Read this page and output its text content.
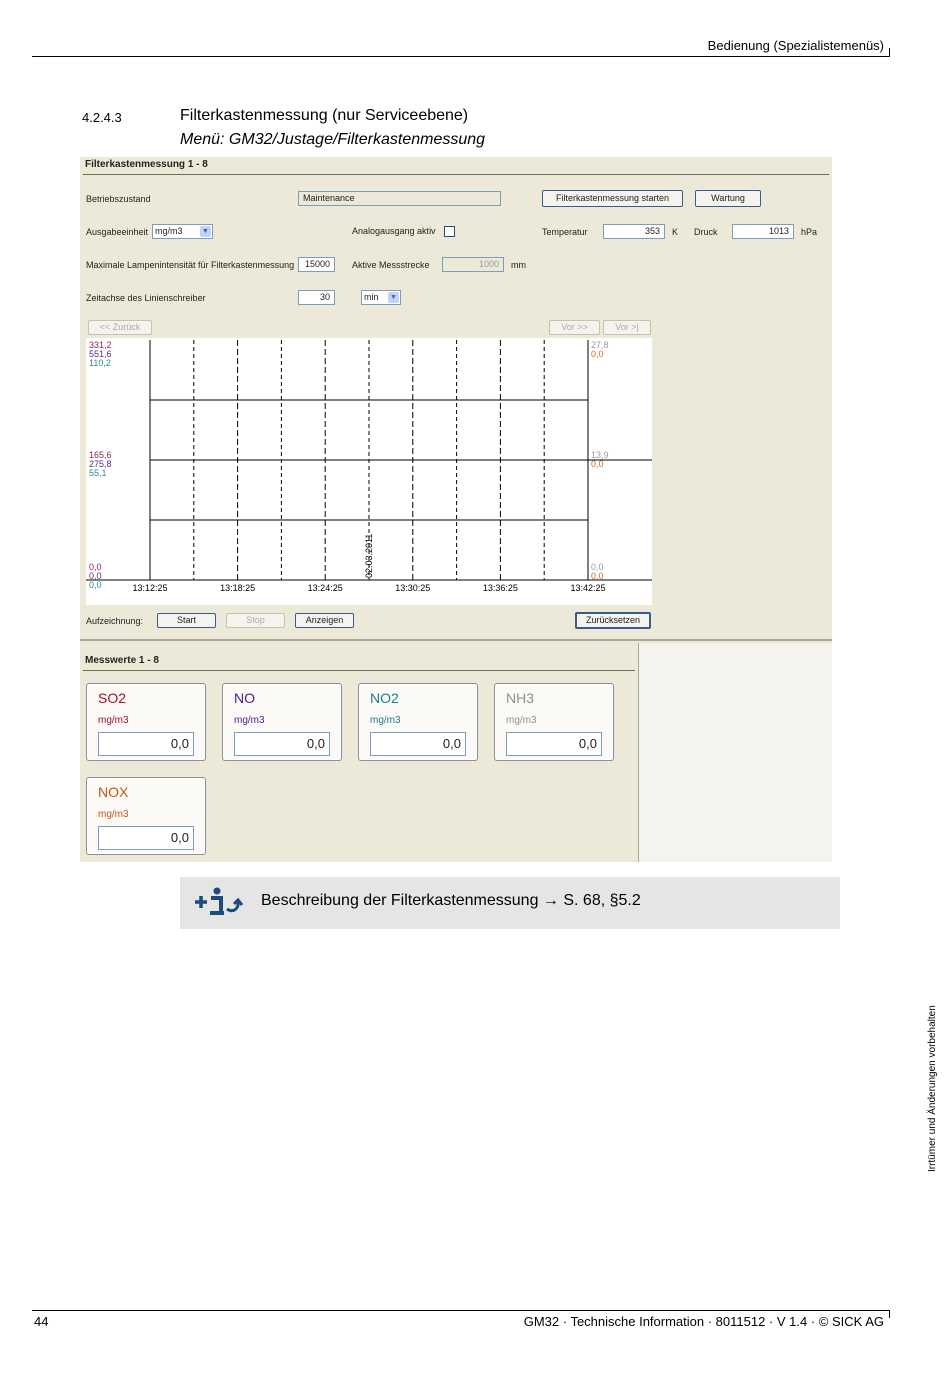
Bedienung (Spezialistemenüs)
4.2.4.3	Filterkastenmessung (nur Serviceebene)
Menü: GM32/Justage/Filterkastenmessung
Filterkastenmessung 1 - 8
Betriebszustand	Maintenance	Filterkastenmessung starten	Wartung
Ausgabeeinheit mg/m3	▼	Analogausgang aktiv	Temperatur	353	K Druck	1013	hPa
Maximale Lampenintensität für Filterkastenmessung	15000	Aktive Messstrecke	1000	mm
Zeitachse des Linienschreiber	30	min ▼
<< Zurück	Vor >>	Vor >|
13:12:25	13:18:25	13:24:25	13:30:25	13:36:25	13:42:25
02.03.2011
331,2
165,6
0,0
551,6
275,8
0,0
110,2
55,1
0,0
27,8
13,9
0,0
0,0
0,0
0,0
Aufzeichnung:	Start	Stop	Anzeigen	Zurücksetzen
Messwerte 1 - 8
SO2
mg/m3
0,0
NO
mg/m3
0,0
NO2
mg/m3
0,0
NH3
mg/m3
0,0
NOX
mg/m3
0,0
Beschreibung der Filterkastenmessung → S. 68, §5.2
Irrtümer und Änderungen vorbehalten
44	GM32 · Technische Information · 8011512 · V 1.4 · © SICK AG
